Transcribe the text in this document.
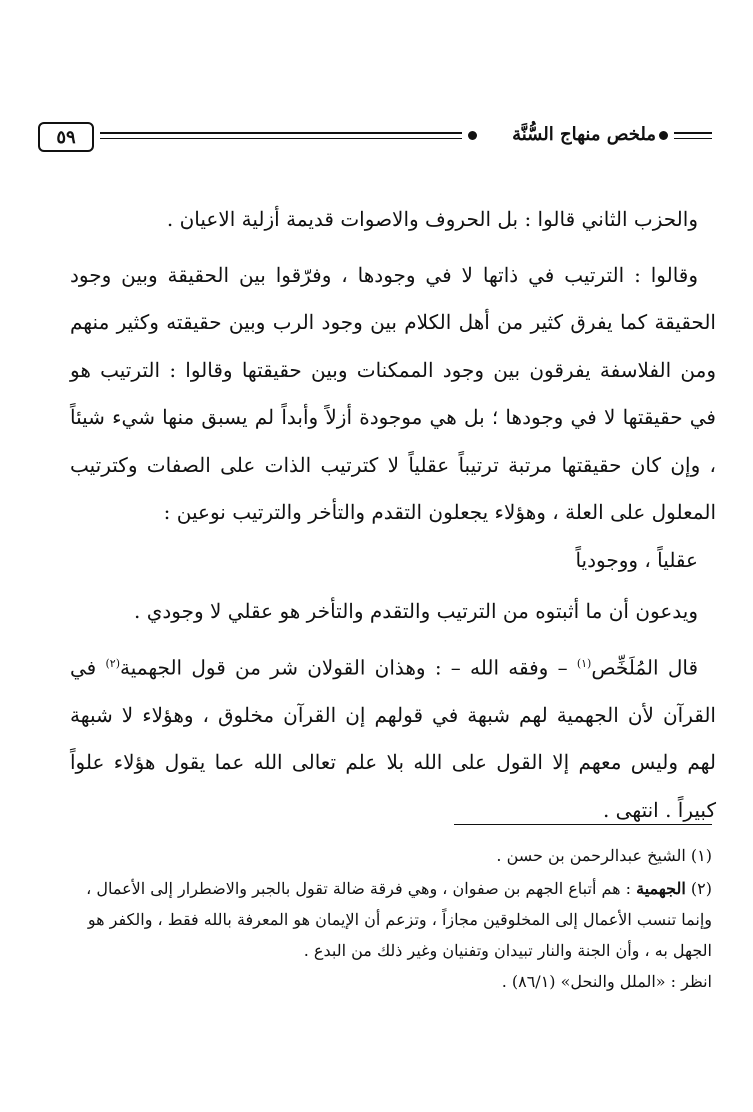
٥٩	ملخص منهاج السُّنَّة

والحزب الثاني قالوا : بل الحروف والاصوات قديمة أزلية الاعيان .

وقالوا : الترتيب في ذاتها لا في وجودها ، وفرّقوا بين الحقيقة وبين وجود الحقيقة كما يفرق كثير من أهل الكلام بين وجود الرب وبين حقيقته وكثير منهم ومن الفلاسفة يفرقون بين وجود الممكنات وبين حقيقتها وقالوا : الترتيب هو في حقيقتها لا في وجودها ؛ بل هي موجودة أزلاً وأبداً لم يسبق منها شيء شيئاً ، وإن كان حقيقتها مرتبة ترتيباً عقلياً لا كترتيب الذات على الصفات وكترتيب المعلول على العلة ، وهؤلاء يجعلون التقدم والتأخر والترتيب نوعين :

عقلياً ، ووجودياً

ويدعون أن ما أثبتوه من الترتيب والتقدم والتأخر هو عقلي لا وجودي .

قال المُلَخِّص$^{(١)}$ – وفقه الله – : وهذان القولان شر من قول الجهمية$^{(٢)}$ في القرآن لأن الجهمية لهم شبهة في قولهم إن القرآن مخلوق ، وهؤلاء لا شبهة لهم وليس معهم إلا القول على الله بلا علم تعالى الله عما يقول هؤلاء علواً كبيراً . انتهى .

(١) الشيخ عبدالرحمن بن حسن .

(٢) الجهمية : هم أتباع الجهم بن صفوان ، وهي فرقة ضالة تقول بالجبر والاضطرار إلى الأعمال ، وإنما تنسب الأعمال إلى المخلوقين مجازاً ، وتزعم أن الإيمان هو المعرفة بالله فقط ، والكفر هو الجهل به ، وأن الجنة والنار تبيدان وتفنيان وغير ذلك من البدع .

انظر : «الملل والنحل» (٨٦/١) .
